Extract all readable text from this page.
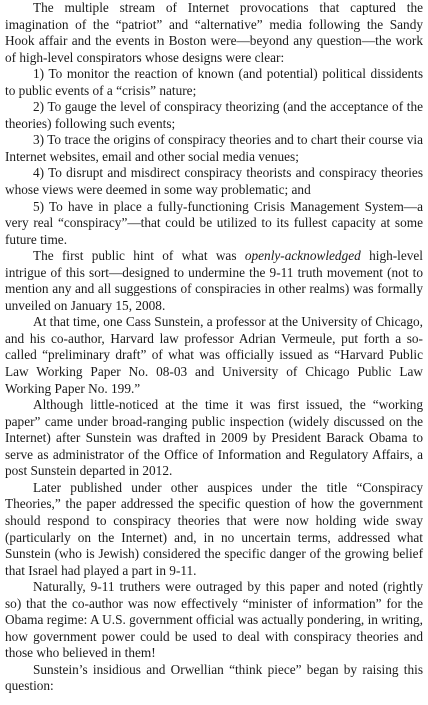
The multiple stream of Internet provocations that captured the imagination of the “patriot” and “alternative” media following the Sandy Hook affair and the events in Boston were—beyond any question—the work of high-level conspirators whose designs were clear:

1) To monitor the reaction of known (and potential) political dissidents to public events of a “crisis” nature;

2) To gauge the level of conspiracy theorizing (and the acceptance of the theories) following such events;

3) To trace the origins of conspiracy theories and to chart their course via Internet websites, email and other social media venues;

4) To disrupt and misdirect conspiracy theorists and conspiracy theories whose views were deemed in some way problematic; and

5) To have in place a fully-functioning Crisis Management System—a very real “conspiracy”—that could be utilized to its fullest capacity at some future time.

The first public hint of what was openly-acknowledged high-level intrigue of this sort—designed to undermine the 9-11 truth movement (not to mention any and all suggestions of conspiracies in other realms) was formally unveiled on January 15, 2008.

At that time, one Cass Sunstein, a professor at the University of Chicago, and his co-author, Harvard law professor Adrian Vermeule, put forth a so-called “preliminary draft” of what was officially issued as “Harvard Public Law Working Paper No. 08-03 and University of Chicago Public Law Working Paper No. 199.”

Although little-noticed at the time it was first issued, the “working paper” came under broad-ranging public inspection (widely discussed on the Internet) after Sunstein was drafted in 2009 by President Barack Obama to serve as administrator of the Office of Information and Regulatory Affairs, a post Sunstein departed in 2012.

Later published under other auspices under the title “Conspiracy Theories,” the paper addressed the specific question of how the government should respond to conspiracy theories that were now holding wide sway (particularly on the Internet) and, in no uncertain terms, addressed what Sunstein (who is Jewish) considered the specific danger of the growing belief that Israel had played a part in 9-11.

Naturally, 9-11 truthers were outraged by this paper and noted (rightly so) that the co-author was now effectively “minister of information” for the Obama regime: A U.S. government official was actually pondering, in writing, how government power could be used to deal with conspiracy theories and those who believed in them!

Sunstein’s insidious and Orwellian “think piece” began by raising this question:
